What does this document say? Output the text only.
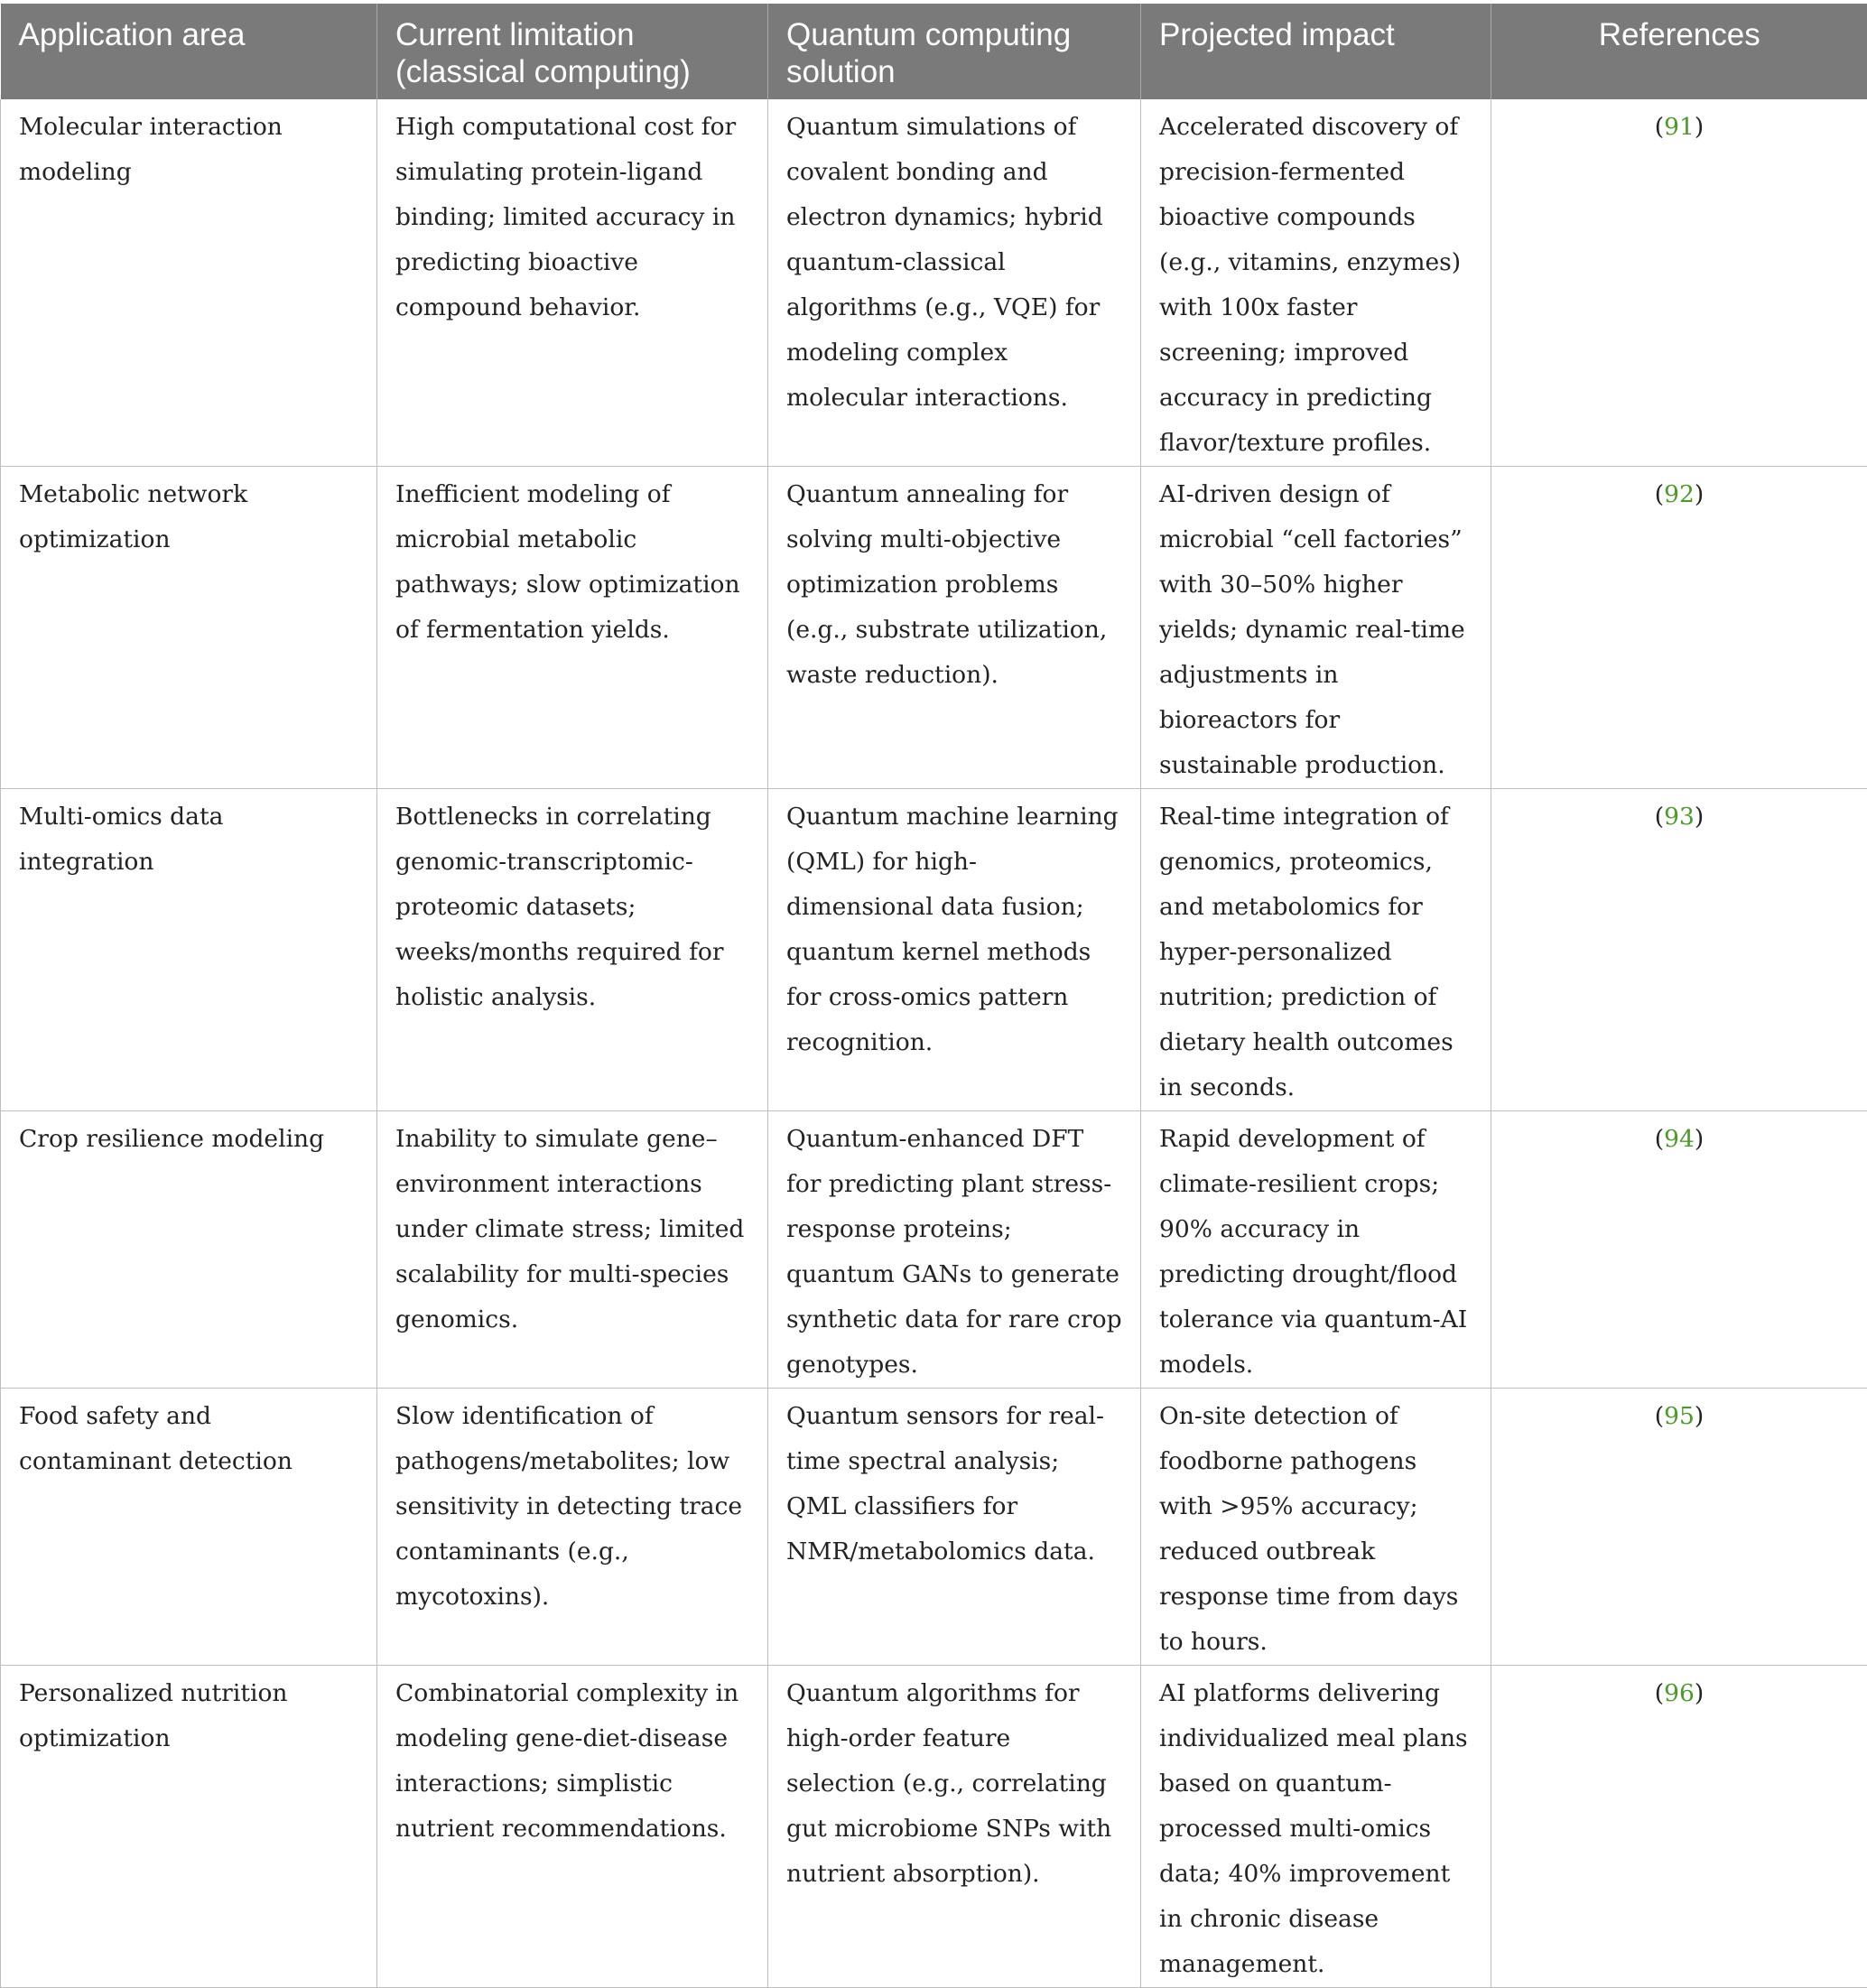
Application area	Current limitation (classical computing)	Quantum computing solution	Projected impact	References
Molecular interaction modeling	High computational cost for simulating protein-ligand binding; limited accuracy in predicting bioactive compound behavior.	Quantum simulations of covalent bonding and electron dynamics; hybrid quantum-classical algorithms (e.g., VQE) for modeling complex molecular interactions.	Accelerated discovery of precision-fermented bioactive compounds (e.g., vitamins, enzymes) with 100x faster screening; improved accuracy in predicting flavor/texture profiles.	(91)
Metabolic network optimization	Inefficient modeling of microbial metabolic pathways; slow optimization of fermentation yields.	Quantum annealing for solving multi-objective optimization problems (e.g., substrate utilization, waste reduction).	AI-driven design of microbial “cell factories” with 30–50% higher yields; dynamic real-time adjustments in bioreactors for sustainable production.	(92)
Multi-omics data integration	Bottlenecks in correlating genomic-transcriptomic-proteomic datasets; weeks/months required for holistic analysis.	Quantum machine learning (QML) for high-dimensional data fusion; quantum kernel methods for cross-omics pattern recognition.	Real-time integration of genomics, proteomics, and metabolomics for hyper-personalized nutrition; prediction of dietary health outcomes in seconds.	(93)
Crop resilience modeling	Inability to simulate gene–environment interactions under climate stress; limited scalability for multi-species genomics.	Quantum-enhanced DFT for predicting plant stress-response proteins; quantum GANs to generate synthetic data for rare crop genotypes.	Rapid development of climate-resilient crops; 90% accuracy in predicting drought/flood tolerance via quantum-AI models.	(94)
Food safety and contaminant detection	Slow identification of pathogens/metabolites; low sensitivity in detecting trace contaminants (e.g., mycotoxins).	Quantum sensors for real-time spectral analysis; QML classifiers for NMR/metabolomics data.	On-site detection of foodborne pathogens with >95% accuracy; reduced outbreak response time from days to hours.	(95)
Personalized nutrition optimization	Combinatorial complexity in modeling gene-diet-disease interactions; simplistic nutrient recommendations.	Quantum algorithms for high-order feature selection (e.g., correlating gut microbiome SNPs with nutrient absorption).	AI platforms delivering individualized meal plans based on quantum-processed multi-omics data; 40% improvement in chronic disease management.	(96)
